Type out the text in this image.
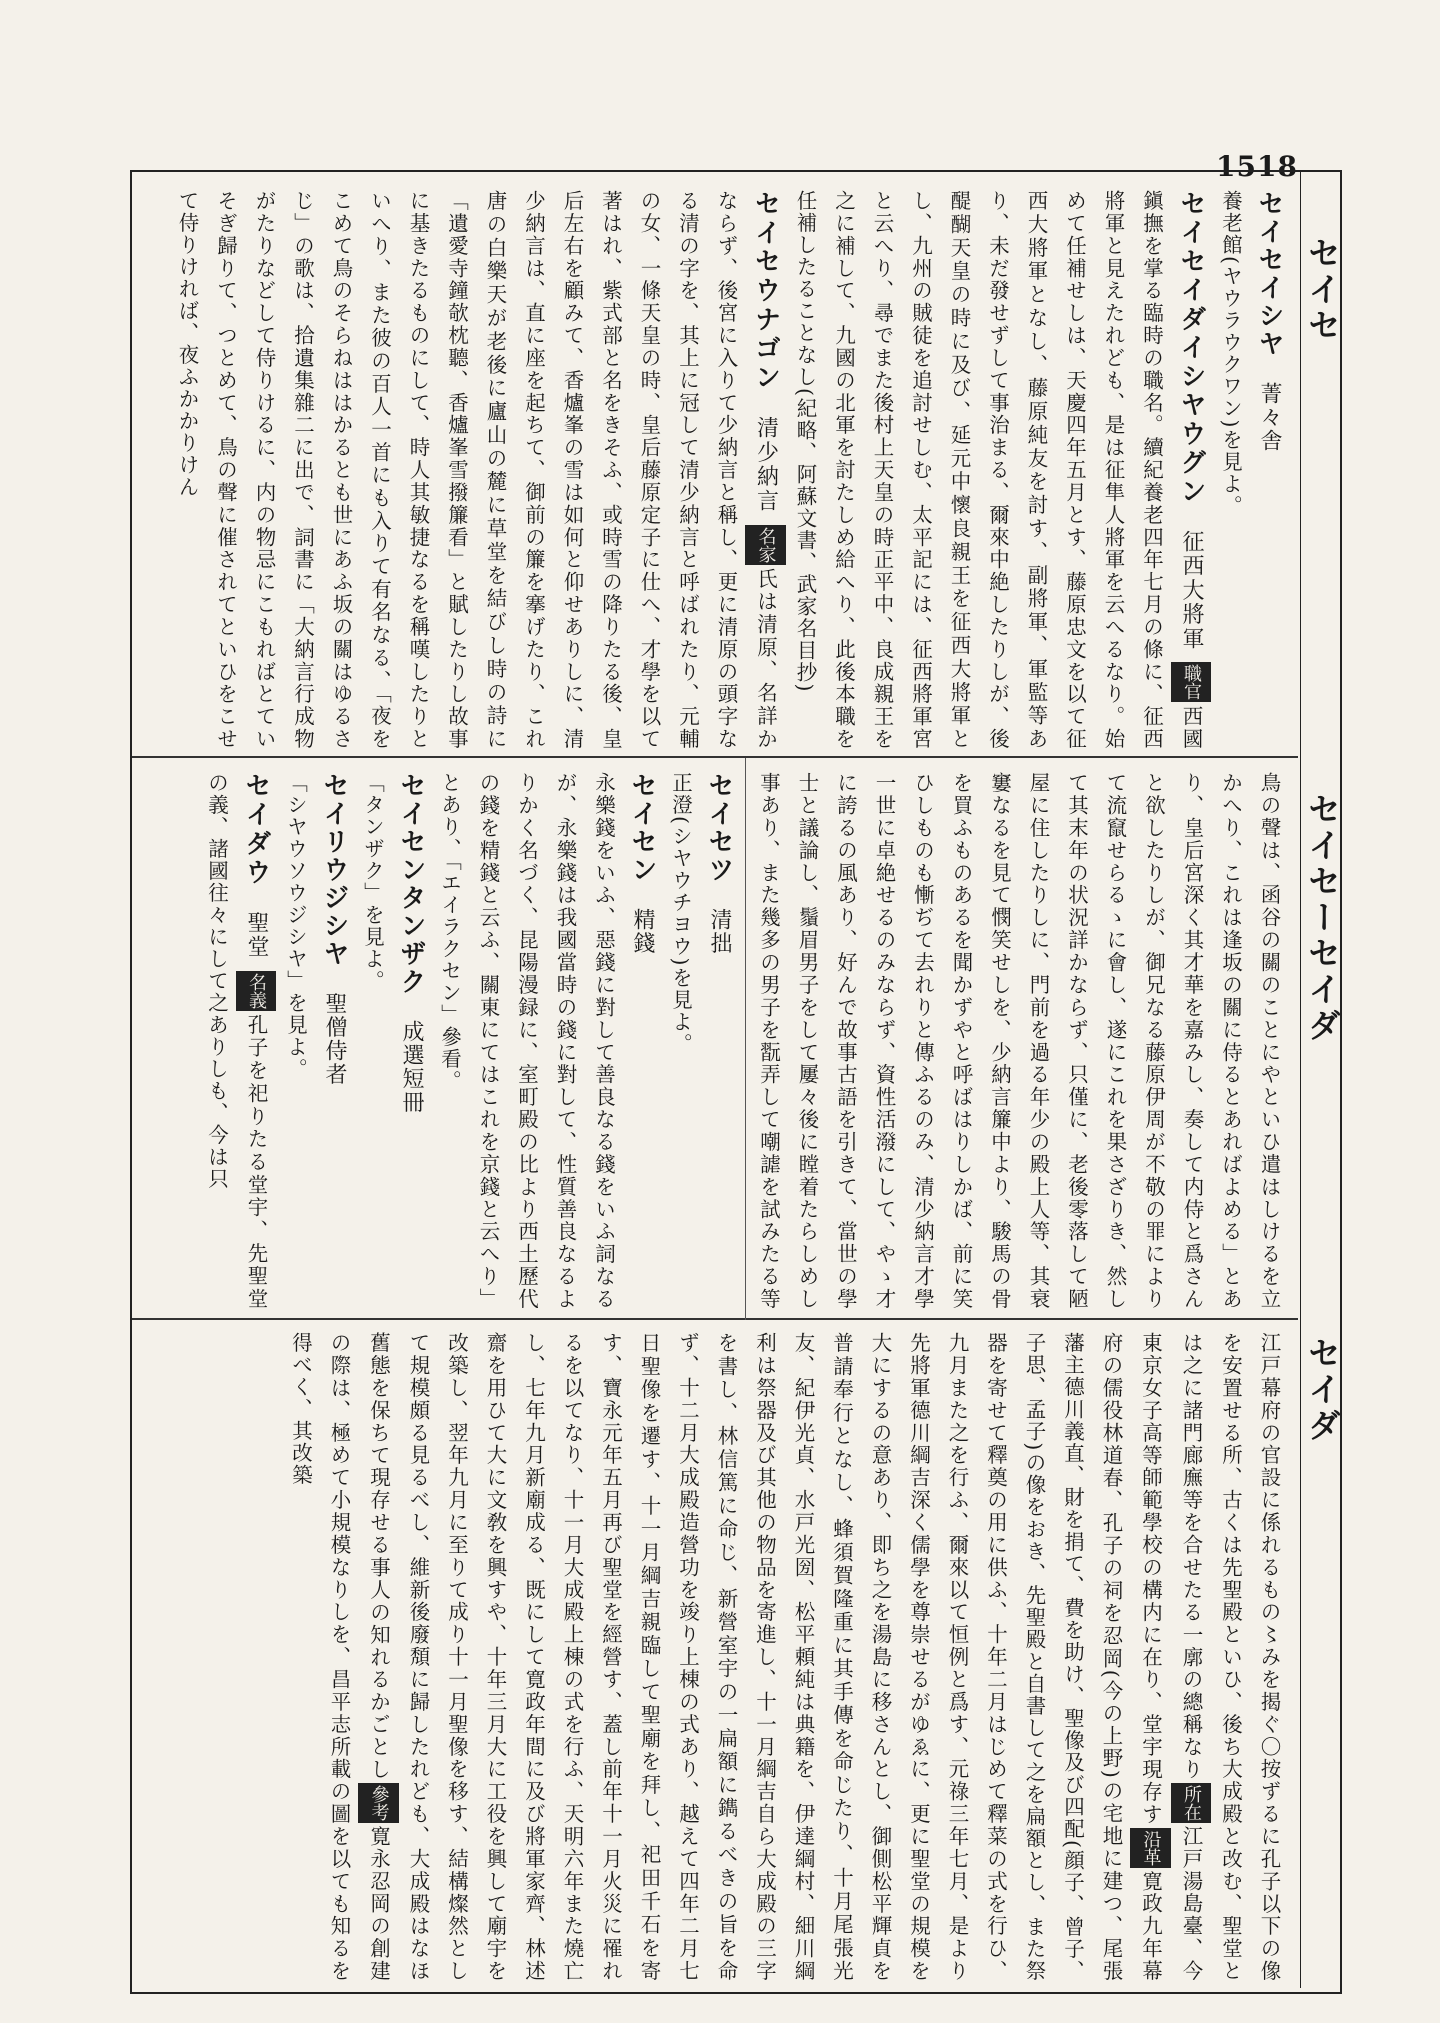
1518
セイセ
セイセーセイダ
セイダ
セイセイシヤ菁々舎
養老館(ヤウラウクワン)を見よ。
セイセイダイシヤウグン征西大將軍 職官西國鎭撫を掌る臨時の職名。續紀養老四年七月の條に、征西將軍と見えたれども、是は征隼人將軍を云へるなり。始めて任補せしは、天慶四年五月とす、藤原忠文を以て征西大將軍となし、藤原純友を討す、副將軍、軍監等あり、未だ發せずして事治まる、爾來中絶したりしが、後醍醐天皇の時に及び、延元中懷良親王を征西大將軍とし、九州の賊徒を追討せしむ、太平記には、征西將軍宮と云へり、尋でまた後村上天皇の時正平中、良成親王を之に補して、九國の北軍を討たしめ給へり、此後本職を任補したることなし(紀略、阿蘇文書、武家名目抄)
セイセウナゴン清少納言 名家氏は清原、名詳かならず、後宮に入りて少納言と稱し、更に清原の頭字なる清の字を、其上に冠して清少納言と呼ばれたり、元輔の女、一條天皇の時、皇后藤原定子に仕へ、才學を以て著はれ、紫式部と名をきそふ、或時雪の降りたる後、皇后左右を顧みて、香爐峯の雪は如何と仰せありしに、清少納言は、直に座を起ちて、御前の簾を搴げたり、これ唐の白樂天が老後に廬山の麓に草堂を結びし時の詩に「遺愛寺鐘欹枕聽、香爐峯雪撥簾看」と賦したりし故事に基きたるものにして、時人其敏捷なるを稱嘆したりといへり、また彼の百人一首にも入りて有名なる、「夜をこめて鳥のそらねははかるとも世にあふ坂の關はゆるさじ」の歌は、拾遺集雜二に出で、詞書に「大納言行成物がたりなどして侍りけるに、内の物忌にこもればとていそぎ歸りて、つとめて、鳥の聲に催されてといひをこせて侍りければ、夜ふかかりけん
鳥の聲は、函谷の關のことにやといひ遣はしけるを立かへり、これは逢坂の關に侍るとあればよめる」とあり、皇后宮深く其才華を嘉みし、奏して内侍と爲さんと欲したりしが、御兄なる藤原伊周が不敬の罪によりて流竄せらるゝに會し、遂にこれを果さざりき、然して其末年の状況詳かならず、只僅に、老後零落して陋屋に住したりしに、門前を過る年少の殿上人等、其衰窶なるを見て憫笑せしを、少納言簾中より、駿馬の骨を買ふものあるを聞かずやと呼ばはりしかば、前に笑ひしものも慚ぢて去れりと傳ふるのみ、清少納言才學一世に卓絶せるのみならず、資性活潑にして、やゝ才に誇るの風あり、好んで故事古語を引きて、當世の學士と議論し、鬚眉男子をして屢々後に瞠着たらしめし事あり、また幾多の男子を翫弄して嘲謔を試みたる等
セイセツ清拙
正澄(シヤウチヨウ)を見よ。
セイセン精錢
永樂錢をいふ、惡錢に對して善良なる錢をいふ詞なるが、永樂錢は我國當時の錢に對して、性質善良なるよりかく名づく、昆陽漫録に、室町殿の比より西土歷代の錢を精錢と云ふ、關東にてはこれを京錢と云へり」とあり、「エイラクセン」參看。
セイセンタンザク成選短冊
「タンザク」を見よ。
セイリウジシヤ聖僧侍者
「シヤウソウジシヤ」を見よ。
セイダウ聖堂 名義孔子を祀りたる堂宇、先聖堂の義、諸國往々にして之ありしも、今は只
江戸幕府の官設に係れるもの〻みを揭ぐ〇按ずるに孔子以下の像を安置せる所、古くは先聖殿といひ、後ち大成殿と改む、聖堂とは之に諸門廊廡等を合せたる一廓の總稱なり所在江戸湯島臺、今東京女子高等師範學校の構内に在り、堂宇現存す沿革寛政九年幕府の儒役林道春、孔子の祠を忍岡(今の上野)の宅地に建つ、尾張藩主德川義直、財を捐て、費を助け、聖像及び四配(顔子、曾子、子思、孟子)の像をおき、先聖殿と自書して之を扁額とし、また祭器を寄せて釋奠の用に供ふ、十年二月はじめて釋菜の式を行ひ、九月また之を行ふ、爾來以て恒例と爲す、元祿三年七月、是より先將軍德川綱吉深く儒學を尊崇せるがゆゑに、更に聖堂の規模を大にするの意あり、即ち之を湯島に移さんとし、御側松平輝貞を普請奉行となし、蜂須賀隆重に其手傳を命じたり、十月尾張光友、紀伊光貞、水戸光圀、松平頼純は典籍を、伊達綱村、細川綱利は祭器及び其他の物品を寄進し、十一月綱吉自ら大成殿の三字を書し、林信篤に命じ、新營室宇の一扁額に鐫るべきの旨を命ず、十二月大成殿造營功を竣り上棟の式あり、越えて四年二月七日聖像を遷す、十一月綱吉親臨して聖廟を拜し、祀田千石を寄す、寶永元年五月再び聖堂を經營す、蓋し前年十一月火災に罹れるを以てなり、十一月大成殿上棟の式を行ふ、天明六年また燒亡し、七年九月新廟成る、既にして寛政年間に及び將軍家齊、林述齋を用ひて大に文敎を興すや、十年三月大に工役を興して廟宇を改築し、翌年九月に至りて成り十一月聖像を移す、結構燦然として規模頗る見るべし、維新後廢頽に歸したれども、大成殿はなほ舊態を保ちて現存せる事人の知れるかごとし參考寛永忍岡の創建の際は、極めて小規模なりしを、昌平志所載の圖を以ても知るを得べく、其改築
